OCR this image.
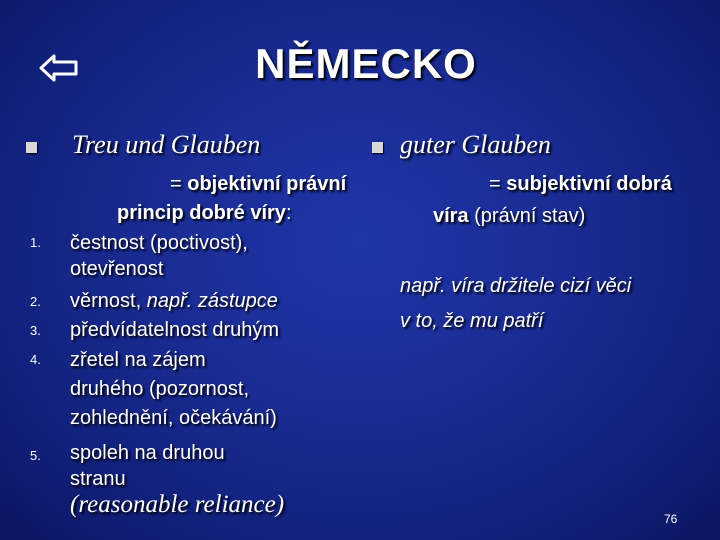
NĚMECKO
Treu und Glauben
= objektivní právní
princip dobré víry:
1. čestnost (poctivost),
otevřenost
2. věrnost, např. zástupce
3. předvídatelnost druhým
4. zřetel na zájem
druhého (pozornost,
zohlednění, očekávání)
5. spoleh na druhou
stranu
(reasonable reliance)
guter Glauben
= subjektivní dobrá
víra (právní stav)
např. víra držitele cizí věci
v to, že mu patří
76
